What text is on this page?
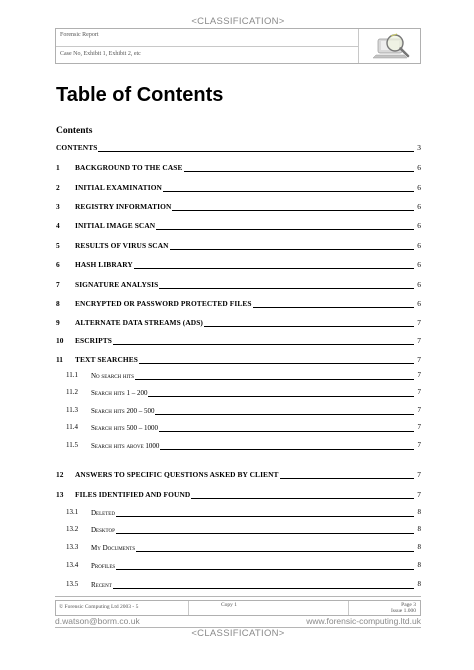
<CLASSIFICATION>
Forensic Report
Case No, Exhibit 1, Exhibit 2, etc
Table of Contents
Contents
CONTENTS	3
1 BACKGROUND TO THE CASE	6
2 INITIAL EXAMINATION	6
3 REGISTRY INFORMATION	6
4 INITIAL IMAGE SCAN	6
5 RESULTS OF VIRUS SCAN	6
6 HASH LIBRARY	6
7 SIGNATURE ANALYSIS	6
8 ENCRYPTED OR PASSWORD PROTECTED FILES	6
9 ALTERNATE DATA STREAMS (ADS)	7
10 ESCRIPTS	7
11 TEXT SEARCHES	7
11.1 No search hits	7
11.2 Search hits 1 – 200	7
11.3 Search hits 200 – 500	7
11.4 Search hits 500 – 1000	7
11.5 Search hits above 1000	7
12 ANSWERS TO SPECIFIC QUESTIONS ASKED BY CLIENT	7
13 FILES IDENTIFIED AND FOUND	7
13.1 Deleted	8
13.2 Desktop	8
13.3 My Documents	8
13.4 Profiles	8
13.5 Recent	8
© Forensic Computing Ltd 2003 - 5	Copy 1	Page 3
Issue 1.000
d.watson@borm.co.uk	www.forensic-computing.ltd.uk
<CLASSIFICATION>
